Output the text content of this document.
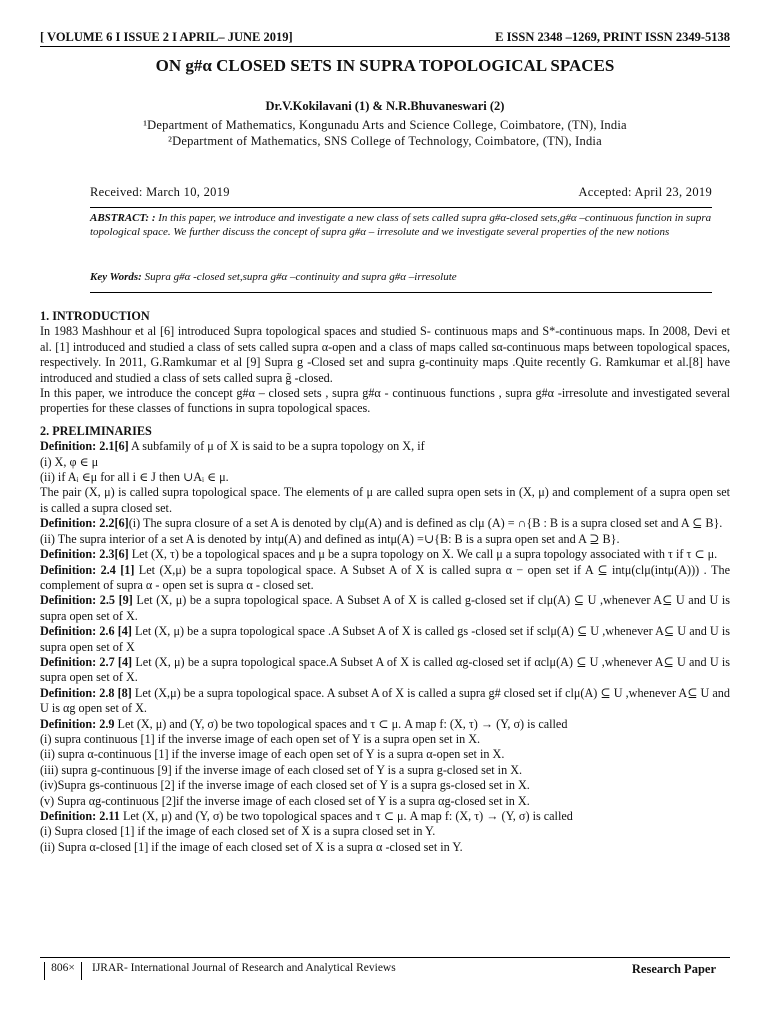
[ VOLUME 6 I ISSUE 2 I APRIL– JUNE 2019]	E ISSN 2348 –1269, PRINT ISSN 2349-5138
ON g#α CLOSED SETS IN SUPRA TOPOLOGICAL SPACES
Dr.V.Kokilavani (1) & N.R.Bhuvaneswari (2)
¹Department of Mathematics, Kongunadu Arts and Science College, Coimbatore, (TN), India
²Department of Mathematics, SNS College of Technology, Coimbatore, (TN), India
Received: March 10, 2019	Accepted: April 23, 2019
ABSTRACT: : In this paper, we introduce and investigate a new class of sets called supra g#α-closed sets,g#α –continuous function in supra topological space. We further discuss the concept of supra g#α – irresolute and we investigate several properties of the new notions
Key Words: Supra g#α -closed set,supra g#α –continuity and supra g#α –irresolute

1. INTRODUCTION

In 1983 Mashhour et al [6] introduced Supra topological spaces and studied S- continuous maps and S*-continuous maps. In 2008, Devi et al. [1] introduced and studied a class of sets called supra α-open and a class of maps called sα-continuous maps between topological spaces, respectively. In 2011, G.Ramkumar et al [9] Supra g -Closed set and supra g-continuity maps .Quite recently G. Ramkumar et al.[8] have introduced and studied a class of sets called supra g̃ -closed.

In this paper, we introduce the concept g#α – closed sets , supra g#α - continuous functions , supra g#α -irresolute and investigated several properties for these classes of functions in supra topological spaces.

2. PRELIMINARIES

Definition: 2.1[6] A subfamily of μ of X is said to be a supra topology on X, if

(i) X, φ ∈ μ

(ii) if Aᵢ ∈μ for all i ∈ J then ∪Aᵢ ∈ μ.

The pair (X, μ) is called supra topological space. The elements of μ are called supra open sets in (X, μ) and complement of a supra open set is called a supra closed set.

Definition: 2.2[6](i) The supra closure of a set A is denoted by clμ(A) and is defined as clμ (A) = ∩{B : B is a supra closed set and A ⊆ B}.

(ii) The supra interior of a set A is denoted by intμ(A) and defined as intμ(A) =∪{B: B is a supra open set and A ⊇ B}.

Definition: 2.3[6] Let (X, τ) be a topological spaces and μ be a supra topology on X. We call μ a supra topology associated with τ if τ ⊂ μ.

Definition: 2.4 [1] Let (X,μ) be a supra topological space. A Subset A of X is called supra α − open set if A ⊆ intμ(clμ(intμ(A))) . The complement of supra α - open set is supra α - closed set.

Definition: 2.5 [9] Let (X, μ) be a supra topological space. A Subset A of X is called g-closed set if clμ(A) ⊆ U ,whenever A⊆ U and U is supra open set of X.

Definition: 2.6 [4] Let (X, μ) be a supra topological space .A Subset A of X is called gs -closed set if sclμ(A) ⊆ U ,whenever A⊆ U and U is supra open set of X

Definition: 2.7 [4] Let (X, μ) be a supra topological space.A Subset A of X is called αg-closed set if αclμ(A) ⊆ U ,whenever A⊆ U and U is supra open set of X.

Definition: 2.8 [8] Let (X,μ) be a supra topological space. A subset A of X is called a supra g# closed set if clμ(A) ⊆ U ,whenever A⊆ U and U is αg open set of X.

Definition: 2.9 Let (X, μ) and (Y, σ) be two topological spaces and τ ⊂ μ. A map f: (X, τ) → (Y, σ) is called

(i) supra continuous [1] if the inverse image of each open set of Y is a supra open set in X.

(ii) supra α-continuous [1] if the inverse image of each open set of Y is a supra α-open set in X.

(iii) supra g-continuous [9] if the inverse image of each closed set of Y is a supra g-closed set in X.

(iv)Supra gs-continuous [2] if the inverse image of each closed set of Y is a supra gs-closed set in X.

(v) Supra αg-continuous [2]if the inverse image of each closed set of Y is a supra αg-closed set in X.

Definition: 2.11 Let (X, μ) and (Y, σ) be two topological spaces and τ ⊂ μ. A map f: (X, τ) → (Y, σ) is called

(i) Supra closed [1] if the image of each closed set of X is a supra closed set in Y.

(ii) Supra α-closed [1] if the image of each closed set of X is a supra α -closed set in Y.

806×	IJRAR- International Journal of Research and Analytical Reviews	Research Paper
